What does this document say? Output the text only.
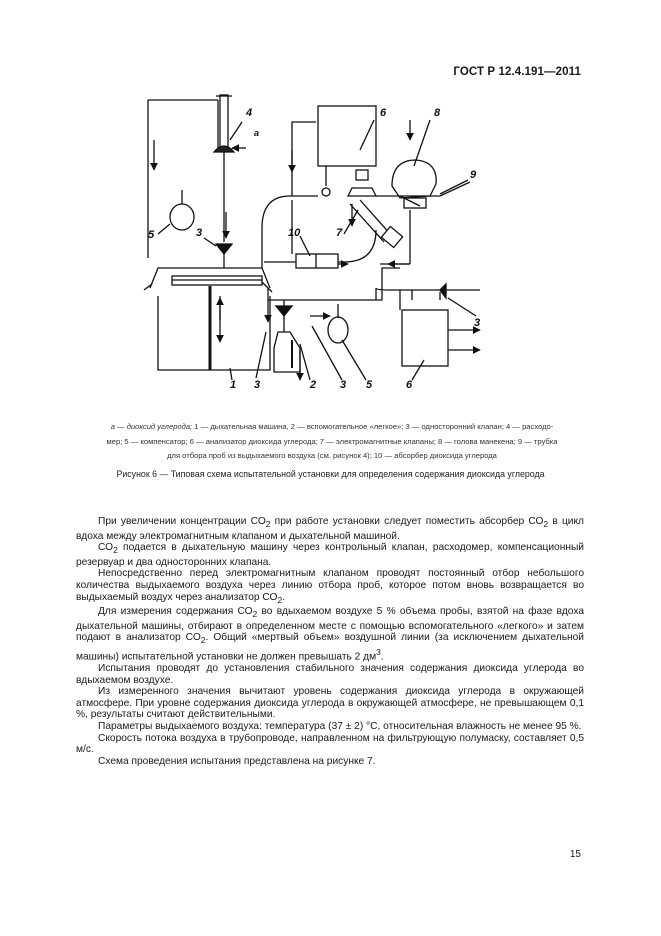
ГОСТ Р 12.4.191—2011
4
a
6	8
9
5	3	10	7
1 3	2 3 5
3
6
а — диоксид углерода; 1 — дыхательная машина, 2 — вспомогательное «легкое»; 3 — односторонний клапан; 4 — расходо-
мер; 5 — компенсатор; 6 — анализатор диоксида углерода; 7 — электромагнитные клапаны; 8 — голова манекена; 9 — трубка
для отбора проб из выдыхаемого воздуха (см. рисунок 4); 10 — абсорбер диоксида углерода
Рисунок 6 — Типовая схема испытательной установки для определения содержания диоксида углерода

При увеличении концентрации $СО_2$ при работе установки следует поместить абсорбер $СО_2$ в цикл вдоха между электромагнитным клапаном и дыхательной машиной.

$СО_2$ подается в дыхательную машину через контрольный клапан, расходомер, компенсационный резервуар и два односторонних клапана.

Непосредственно перед электромагнитным клапаном проводят постоянный отбор небольшого количества выдыхаемого воздуха через линию отбора проб, которое потом вновь возвращается во выдыхаемый воздух через анализатор $СО_2$.

Для измерения содержания $СО_2$ во вдыхаемом воздухе 5 % объема пробы, взятой на фазе вдоха дыхательной машины, отбирают в определенном месте с помощью вспомогательного «легкого» и затем подают в анализатор $СО_2$. Общий «мертвый объем» воздушной линии (за исключением дыхательной машины) испытательной установки не должен превышать 2 $дм^3$.

Испытания проводят до установления стабильного значения содержания диоксида углерода во вдыхаемом воздухе.

Из измеренного значения вычитают уровень содержания диоксида углерода в окружающей атмосфере. При уровне содержания диоксида углерода в окружающей атмосфере, не превышающем 0,1 %, результаты считают действительными.

Параметры выдыхаемого воздуха: температура (37 ± 2) °С, относительная влажность не менее 95 %.

Скорость потока воздуха в трубопроводе, направленном на фильтрующую полумаску, составляет 0,5 м/с.

Схема проведения испытания представлена на рисунке 7.

15
